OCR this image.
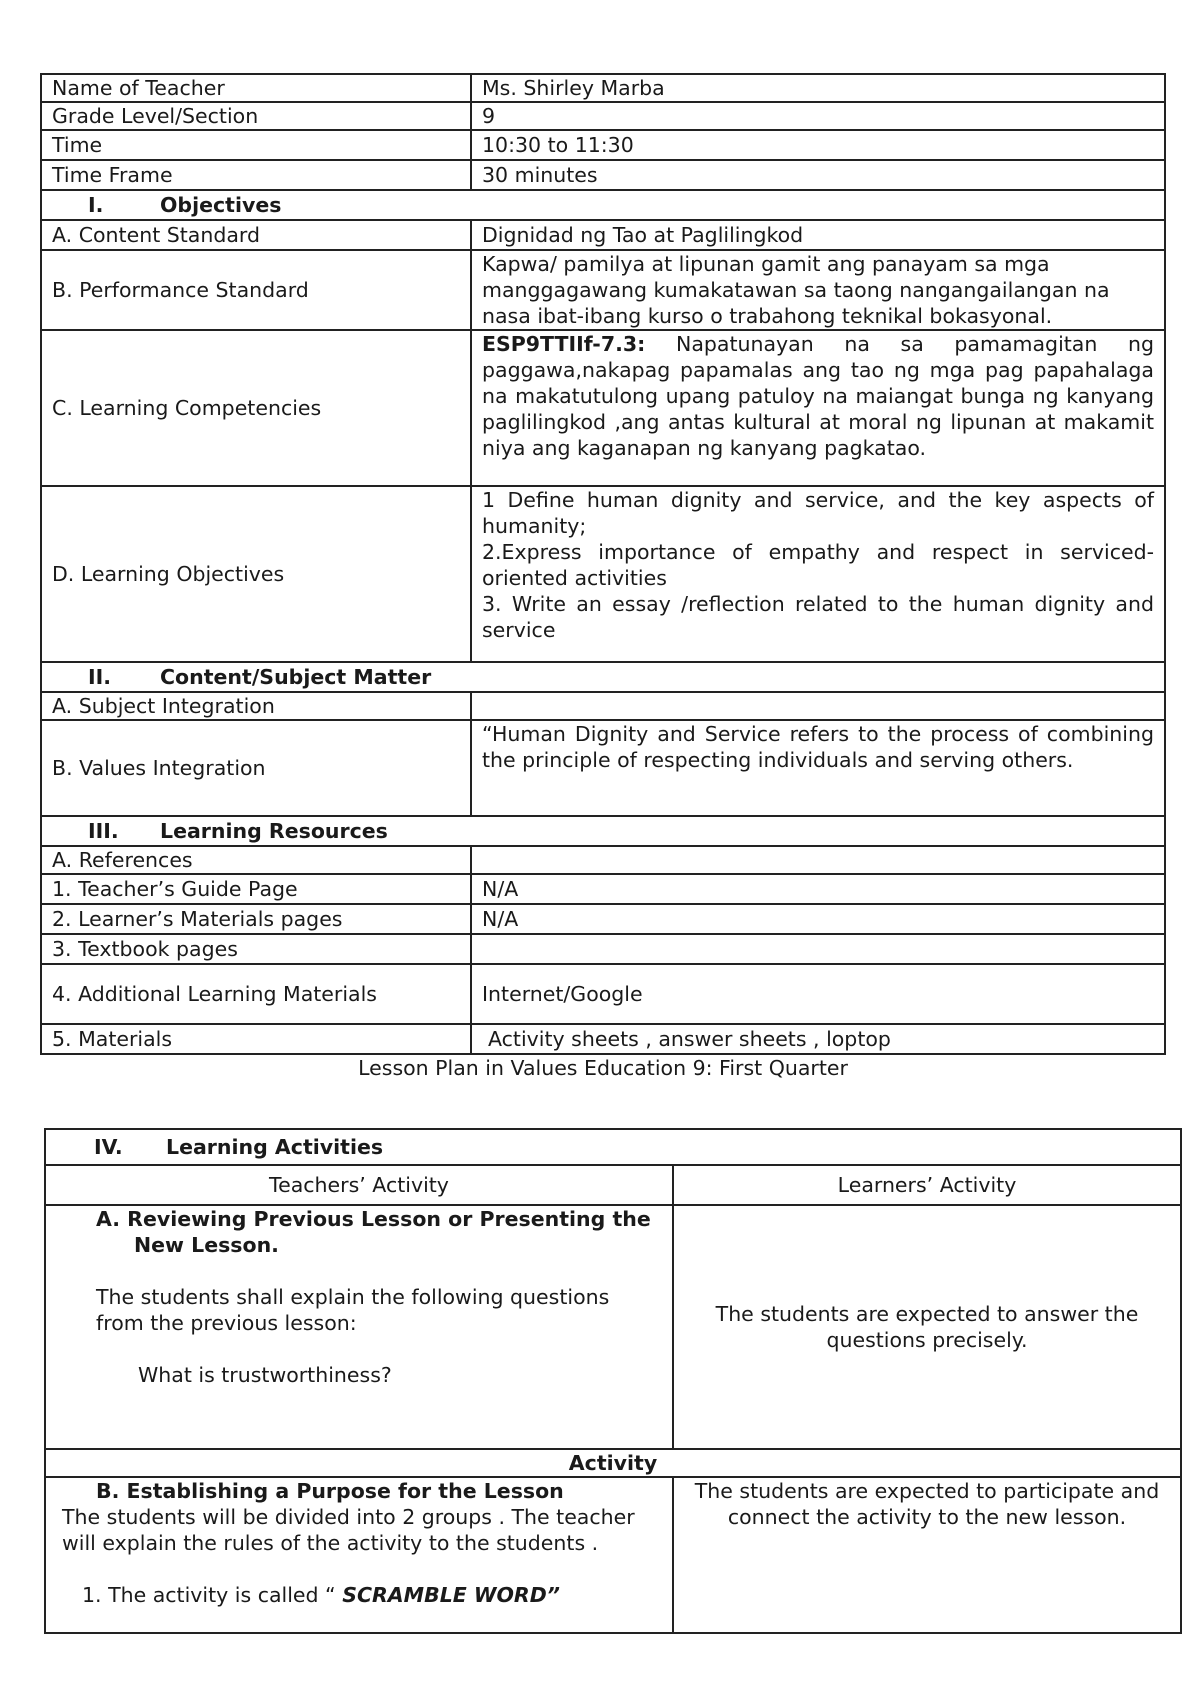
Name of Teacher	Ms. Shirley Marba
Grade Level/Section	9
Time	10:30 to 11:30
Time Frame	30 minutes
I. Objectives	
A. Content Standard	Dignidad ng Tao at Paglilingkod
B. Performance Standard	Kapwa/ pamilya at lipunan gamit ang panayam sa mga manggagawang kumakatawan sa taong nangangailangan na nasa ibat-ibang kurso o trabahong teknikal bokasyonal.
C. Learning Competencies	ESP9TTIIf-7.3: Napatunayan na sa pamamagitan ng paggawa,nakapag papamalas ang tao ng mga pag papahalaga na makatutulong upang patuloy na maiangat bunga ng kanyang paglilingkod ,ang antas kultural at moral ng lipunan at makamit niya ang kaganapan ng kanyang pagkatao.
D. Learning Objectives	1 Define human dignity and service, and the key aspects of humanity;
2.Express importance of empathy and respect in serviced-oriented activities
3. Write an essay /reflection related to the human dignity and service

II. Content/Subject Matter	
A. Subject Integration	
B. Values Integration	“Human Dignity and Service refers to the process of combining the principle of respecting individuals and serving others.
III. Learning Resources	
A. References	
1. Teacher’s Guide Page	N/A
2. Learner’s Materials pages	N/A
3. Textbook pages	
4. Additional Learning Materials	Internet/Google
5. Materials	Activity sheets , answer sheets , loptop
Lesson Plan in Values Education 9: First Quarter
IV. Learning Activities	
Teachers’ Activity	Learners’ Activity

A. Reviewing Previous Lesson or Presenting the New Lesson.
The students shall explain the following questions from the previous lesson:
What is trustworthiness?	The students are expected to answer the questions precisely.
Activity	

B. Establishing a Purpose for the Lesson
The students will be divided into 2 groups . The teacher will explain the rules of the activity to the students .
1. The activity is called “ SCRAMBLE WORD”	The students are expected to participate and connect the activity to the new lesson.
